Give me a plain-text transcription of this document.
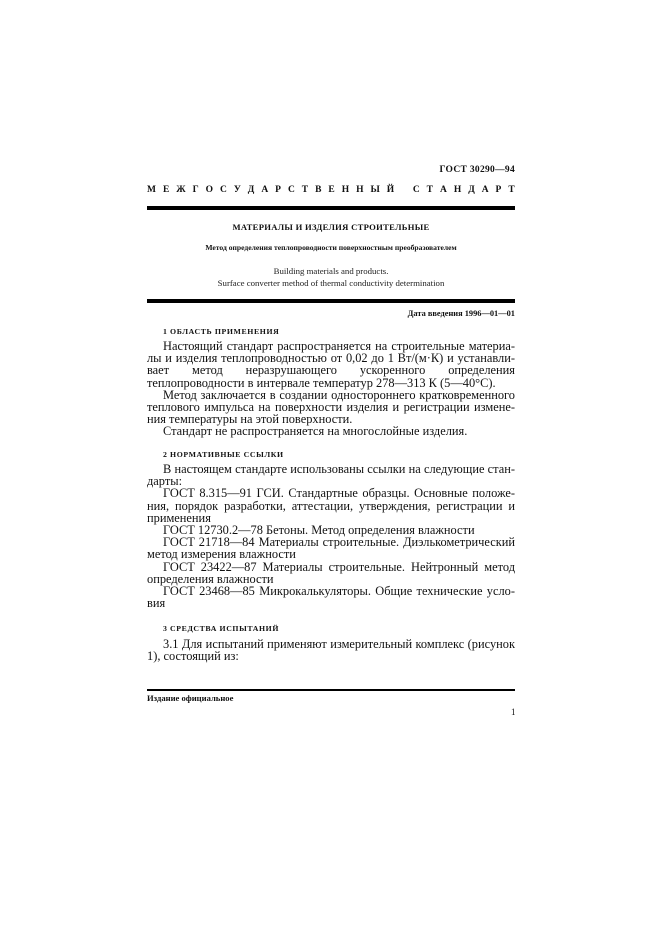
ГОСТ 30290—94
М Е Ж Г О С У Д А Р С Т В Е Н Н Ы Й
С Т А Н Д А Р Т
МАТЕРИАЛЫ И ИЗДЕЛИЯ СТРОИТЕЛЬНЫЕ
Метод определения теплопроводности поверхностным преобразователем
Building materials and products.
Surface converter method of thermal conductivity determination
Дата введения 1996—01—01
1 ОБЛАСТЬ ПРИМЕНЕНИЯ
Настоящий стандарт распространяется на строительные материа-
лы и изделия теплопроводностью от 0,02 до 1 Вт/(м·К) и устанавли-
вает метод неразрушающего ускоренного определения
теплопроводности в интервале температур 278—313 К (5—40°С).
Метод заключается в создании одностороннего кратковременного
теплового импульса на поверхности изделия и регистрации измене-
ния температуры на этой поверхности.
Стандарт не распространяется на многослойные изделия.
2 НОРМАТИВНЫЕ ССЫЛКИ
В настоящем стандарте использованы ссылки на следующие стан-
дарты:
ГОСТ 8.315—91 ГСИ. Стандартные образцы. Основные положе-
ния, порядок разработки, аттестации, утверждения, регистрации и
применения
ГОСТ 12730.2—78 Бетоны. Метод определения влажности
ГОСТ 21718—84 Материалы строительные. Диэлькометрический
метод измерения влажности
ГОСТ 23422—87 Материалы строительные. Нейтронный метод
определения влажности
ГОСТ 23468—85 Микрокалькуляторы. Общие технические усло-
вия
3 СРЕДСТВА ИСПЫТАНИЙ
3.1 Для испытаний применяют измерительный комплекс (рисунок
1), состоящий из:
Издание официальное
1
